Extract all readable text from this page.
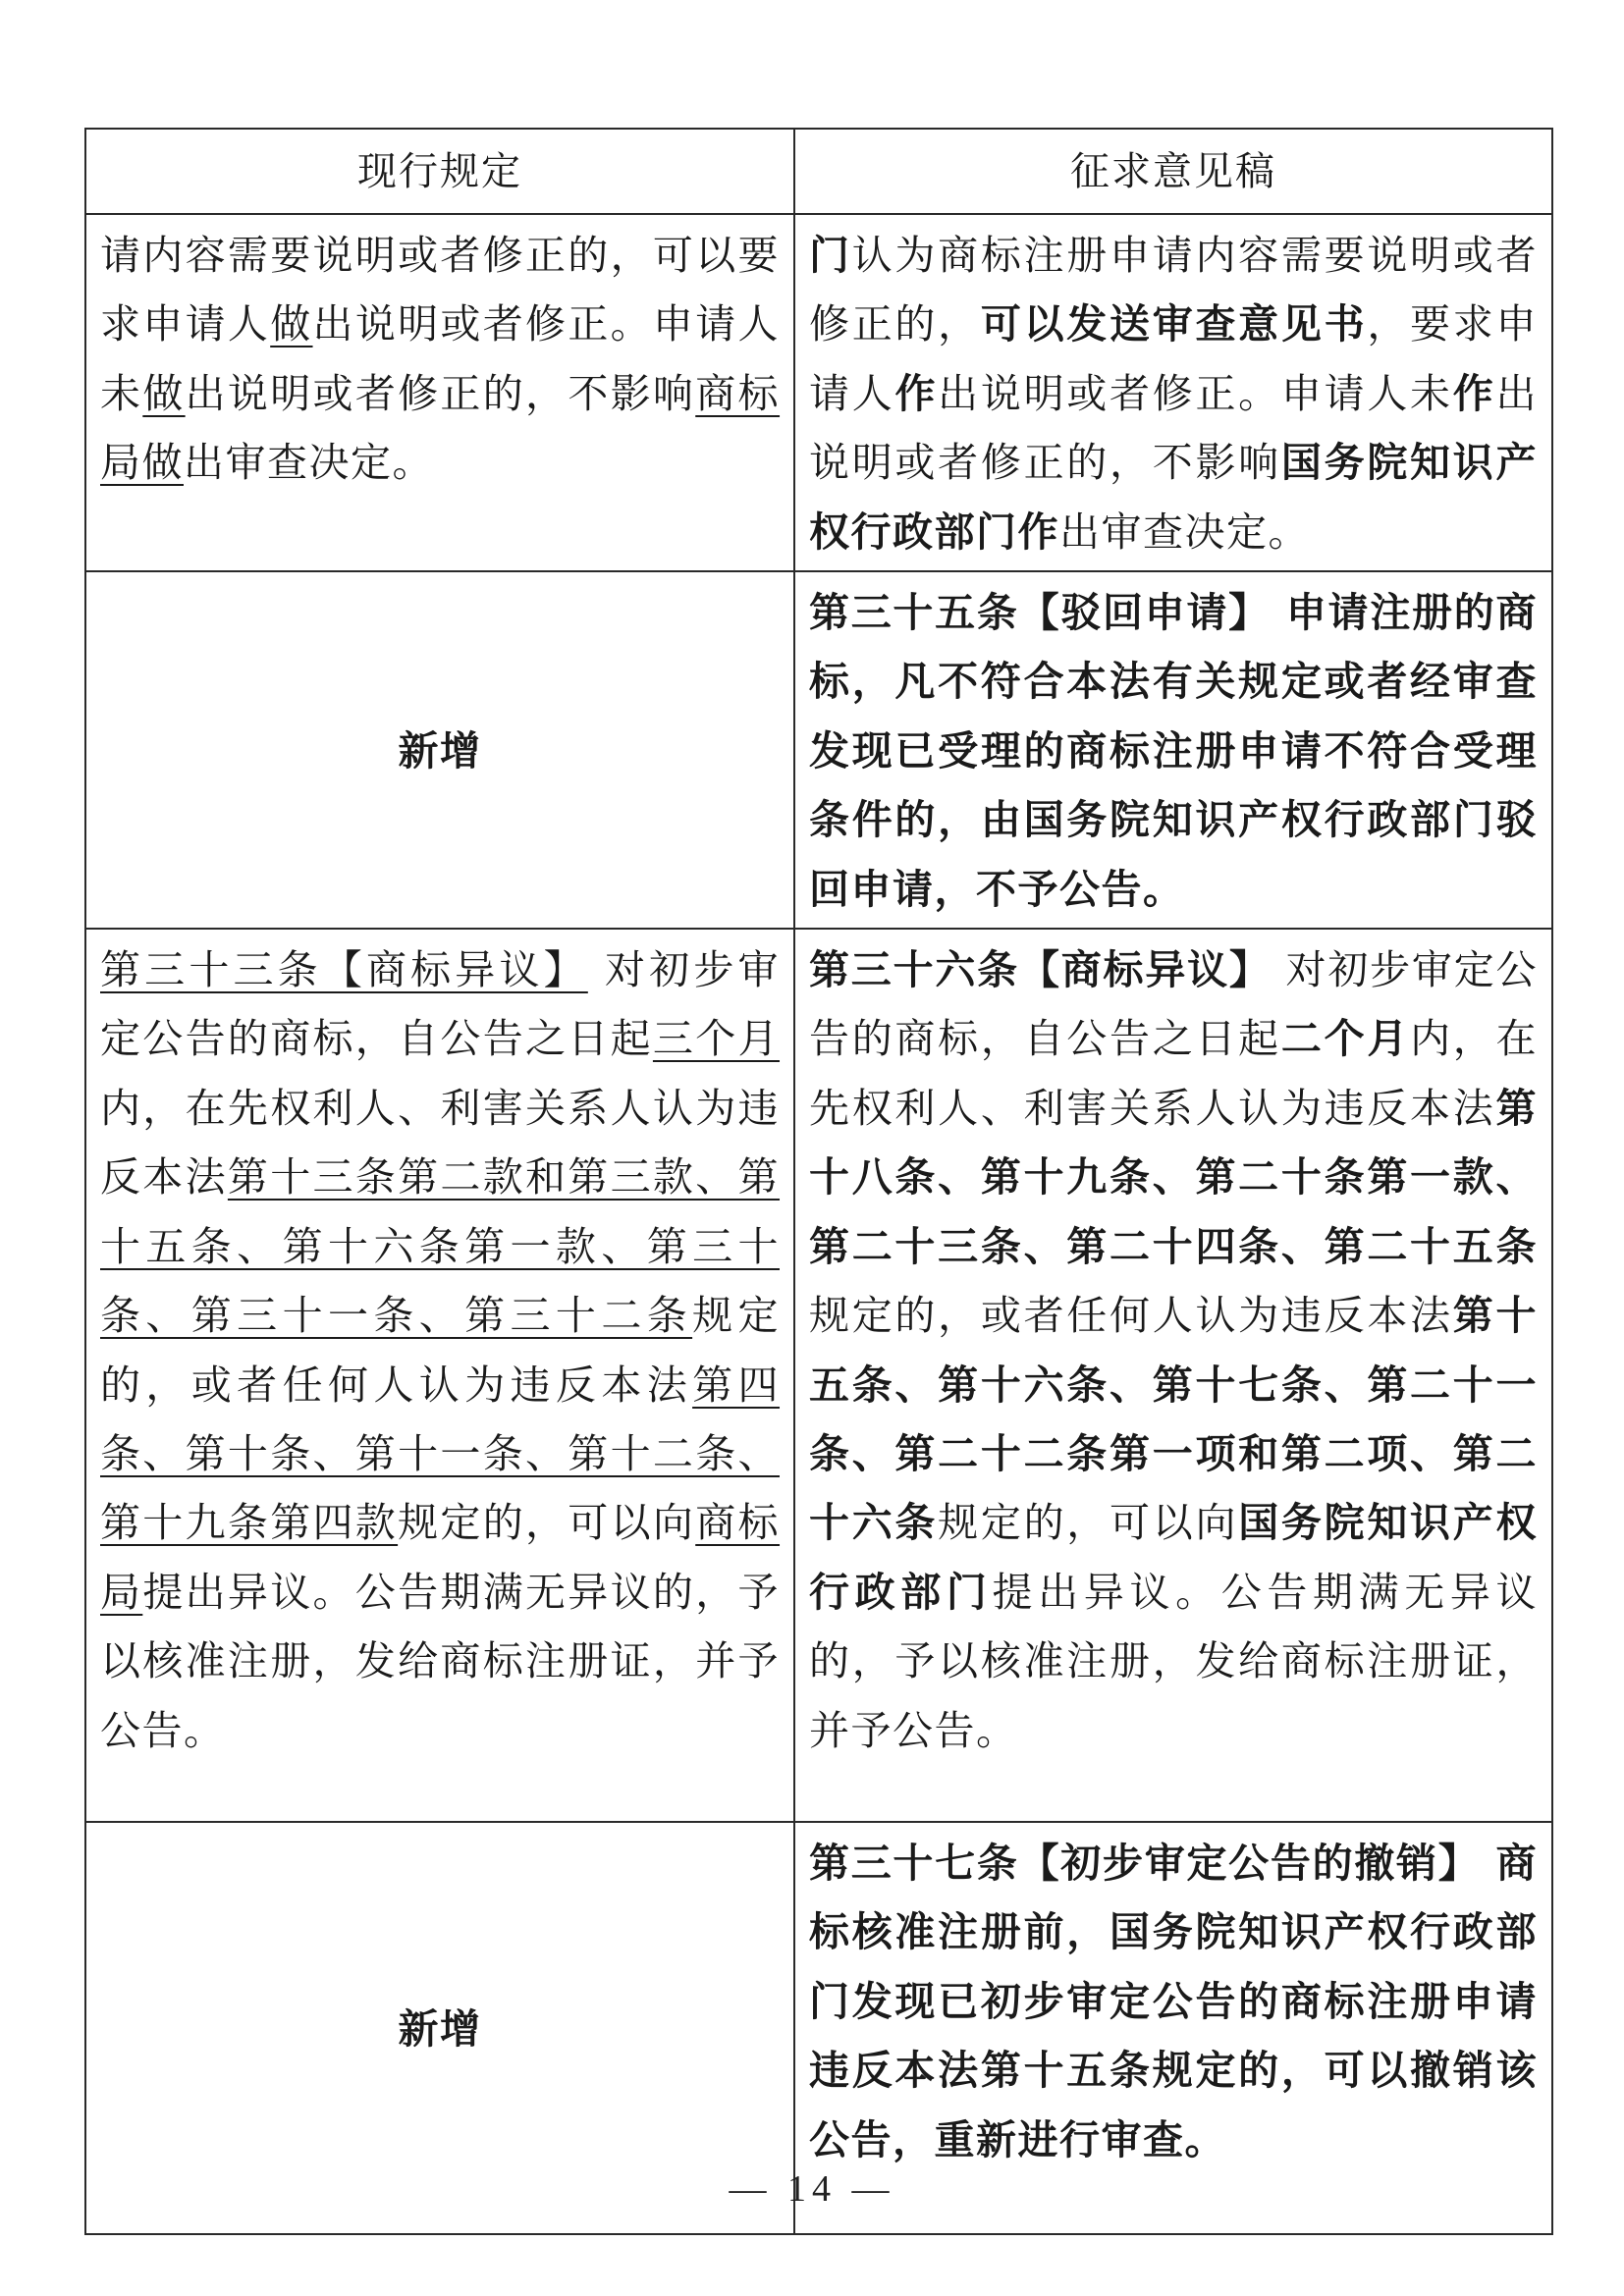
现行规定	征求意见稿
请内容需要说明或者修正的，可以要求申请人做出说明或者修正。申请人未做出说明或者修正的，不影响商标局做出审查决定。	门认为商标注册申请内容需要说明或者修正的，可以发送审查意见书，要求申请人作出说明或者修正。申请人未作出说明或者修正的，不影响国务院知识产权行政部门作出审查决定。
新增	第三十五条【驳回申请】 申请注册的商标，凡不符合本法有关规定或者经审查发现已受理的商标注册申请不符合受理条件的，由国务院知识产权行政部门驳回申请，不予公告。
第三十三条【商标异议】 对初步审定公告的商标，自公告之日起三个月内，在先权利人、利害关系人认为违反本法第十三条第二款和第三款、第十五条、第十六条第一款、第三十条、第三十一条、第三十二条规定的，或者任何人认为违反本法第四条、第十条、第十一条、第十二条、第十九条第四款规定的，可以向商标局提出异议。公告期满无异议的，予以核准注册，发给商标注册证，并予公告。	第三十六条【商标异议】 对初步审定公告的商标，自公告之日起二个月内，在先权利人、利害关系人认为违反本法第十八条、第十九条、第二十条第一款、第二十三条、第二十四条、第二十五条规定的，或者任何人认为违反本法第十五条、第十六条、第十七条、第二十一条、第二十二条第一项和第二项、第二十六条规定的，可以向国务院知识产权行政部门提出异议。公告期满无异议的，予以核准注册，发给商标注册证，并予公告。
新增	第三十七条【初步审定公告的撤销】 商标核准注册前，国务院知识产权行政部门发现已初步审定公告的商标注册申请违反本法第十五条规定的，可以撤销该公告，重新进行审查。
— 14 —
